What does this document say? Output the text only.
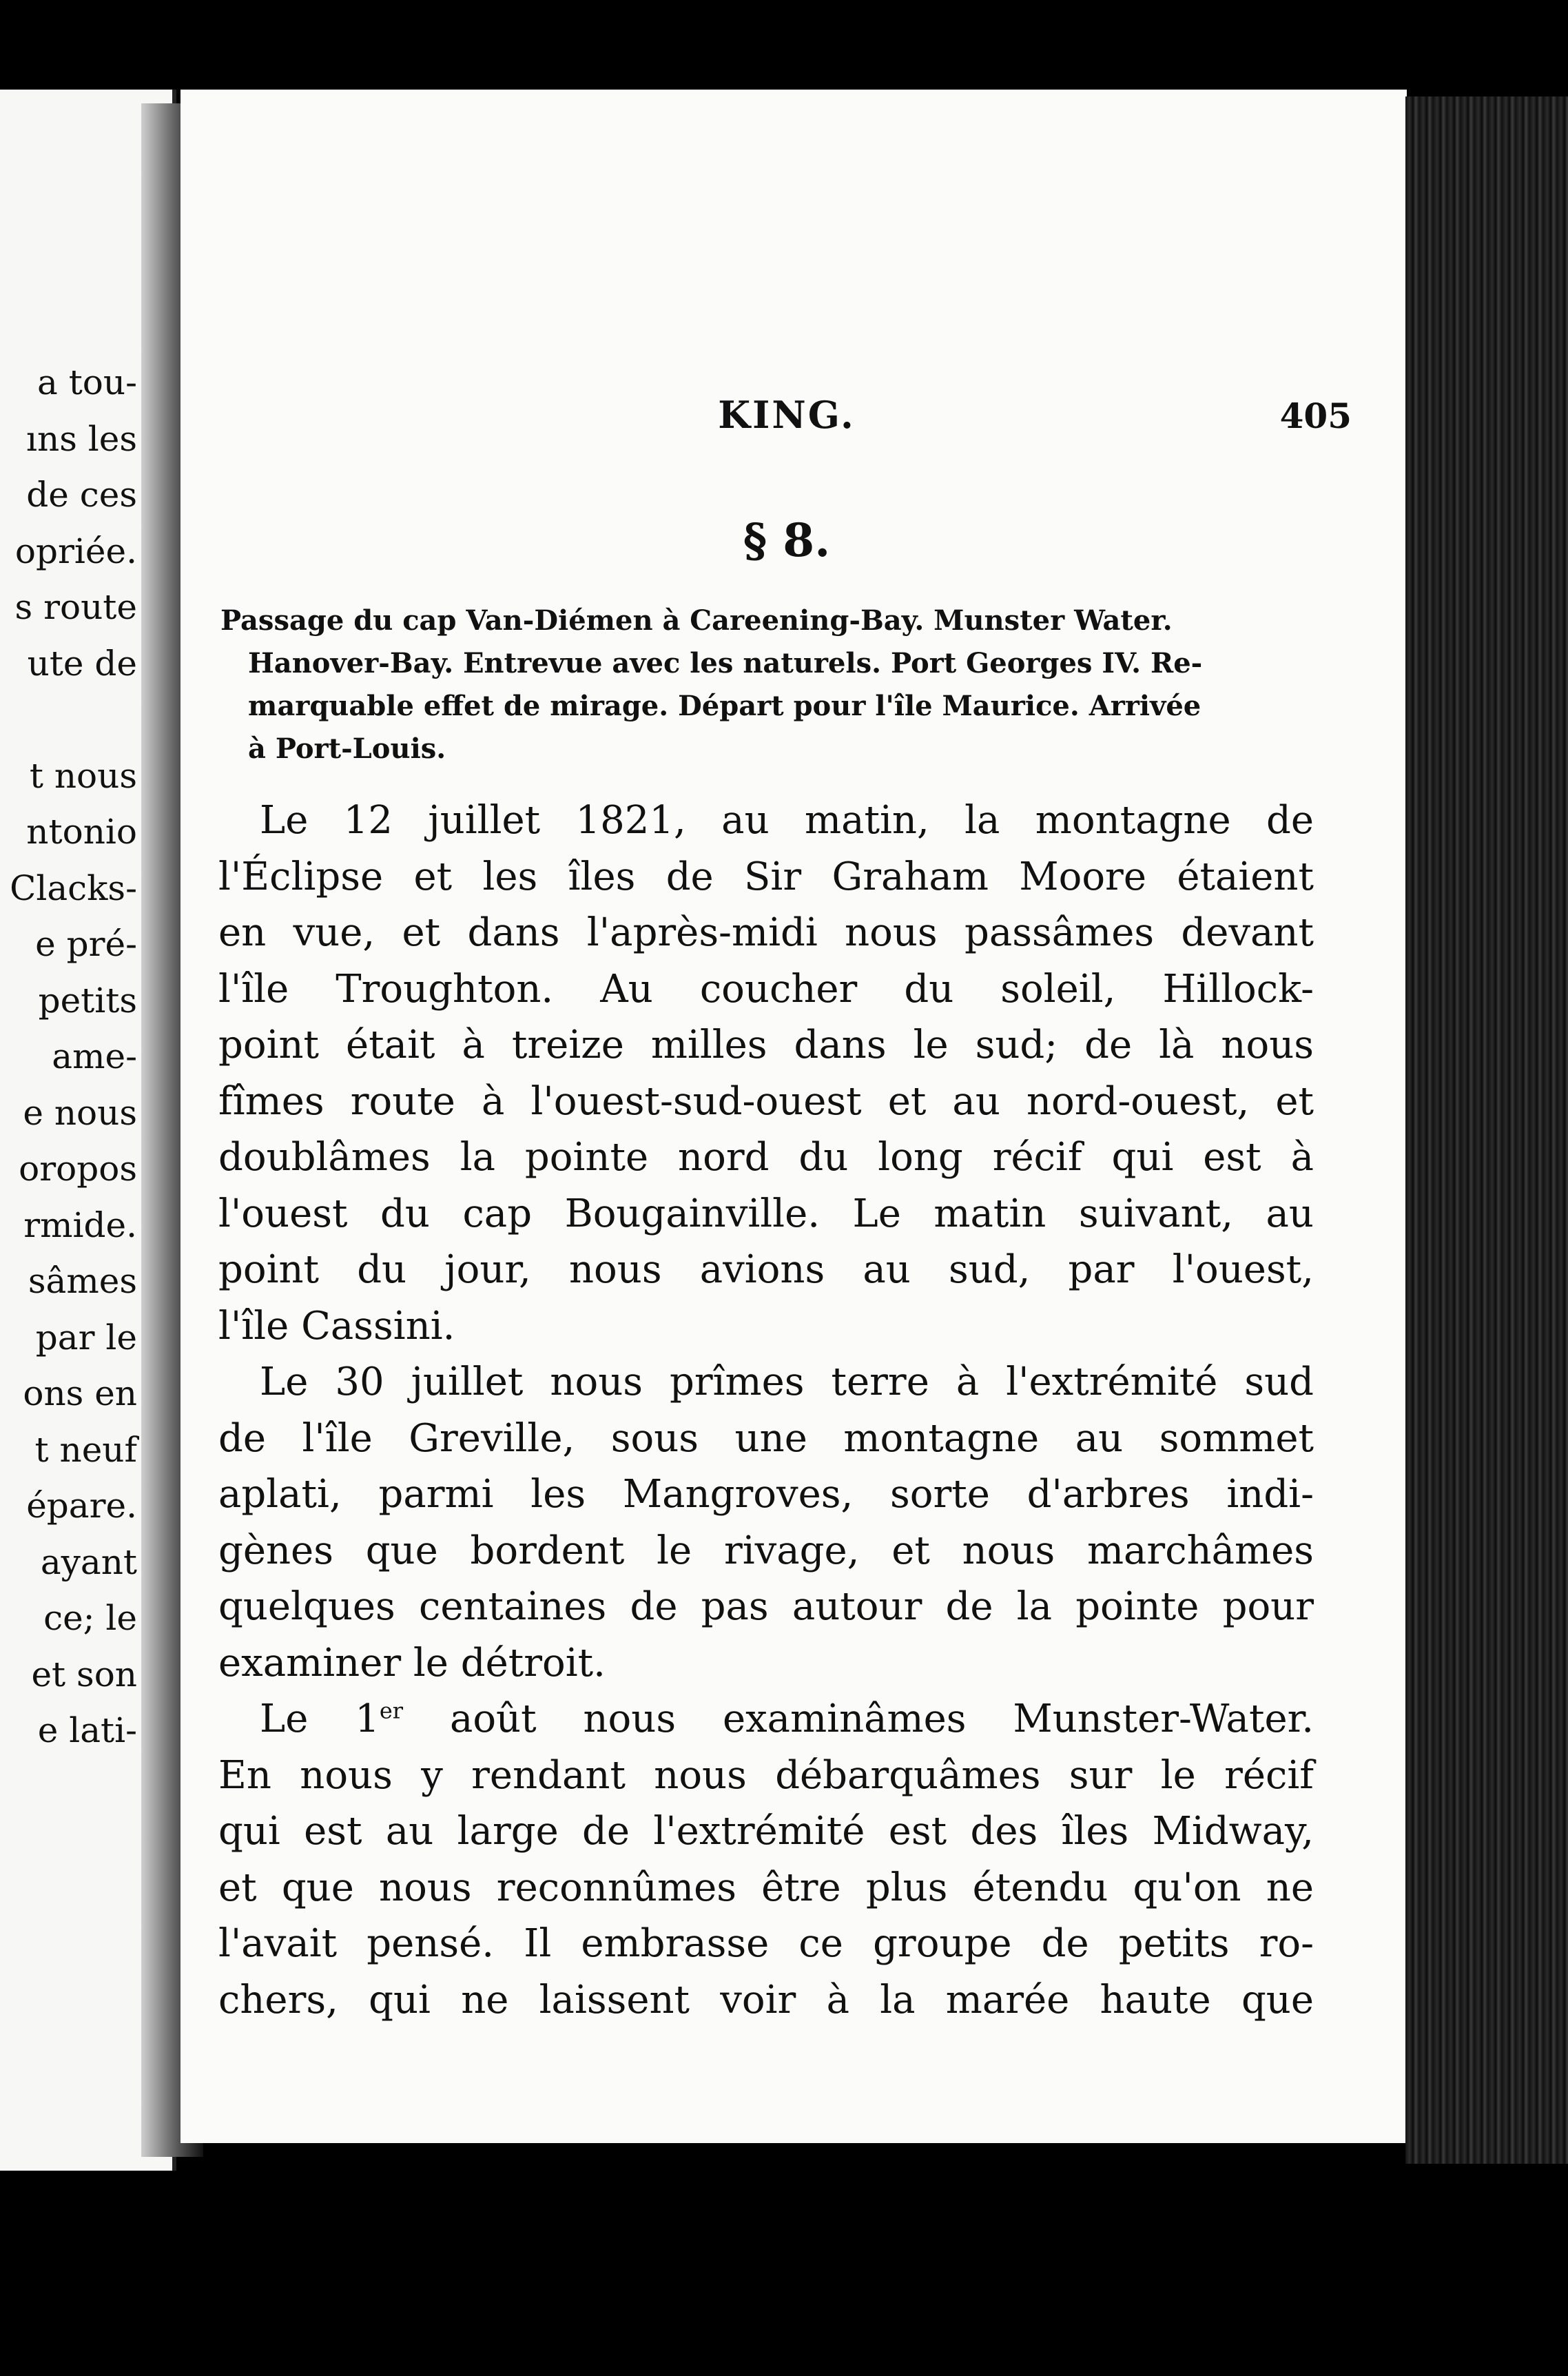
a tou-
ıns les
de ces
opriée.
s route
ute de
t nous
ntonio
Clacks-
e pré-
petits
ame-
e nous
oropos
rmide.
sâmes
par le
ons en
t neuf
épare.
ayant
ce; le
et son
e lati-
KING.	405
§ 8.
Passage du cap Van-Diémen à Careening-Bay. Munster Water.
Hanover-Bay. Entrevue avec les naturels. Port Georges IV. Re-
marquable effet de mirage. Départ pour l'île Maurice. Arrivée
à Port-Louis.
Le 12 juillet 1821, au matin, la montagne de
l'Éclipse et les îles de Sir Graham Moore étaient
en vue, et dans l'après-midi nous passâmes devant
l'île Troughton. Au coucher du soleil, Hillock-
point était à treize milles dans le sud; de là nous
fîmes route à l'ouest-sud-ouest et au nord-ouest, et
doublâmes la pointe nord du long récif qui est à
l'ouest du cap Bougainville. Le matin suivant, au
point du jour, nous avions au sud, par l'ouest,
l'île Cassini.
Le 30 juillet nous prîmes terre à l'extrémité sud
de l'île Greville, sous une montagne au sommet
aplati, parmi les Mangroves, sorte d'arbres indi-
gènes que bordent le rivage, et nous marchâmes
quelques centaines de pas autour de la pointe pour
examiner le détroit.
Le 1er août nous examinâmes Munster-Water.
En nous y rendant nous débarquâmes sur le récif
qui est au large de l'extrémité est des îles Midway,
et que nous reconnûmes être plus étendu qu'on ne
l'avait pensé. Il embrasse ce groupe de petits ro-
chers, qui ne laissent voir à la marée haute que
